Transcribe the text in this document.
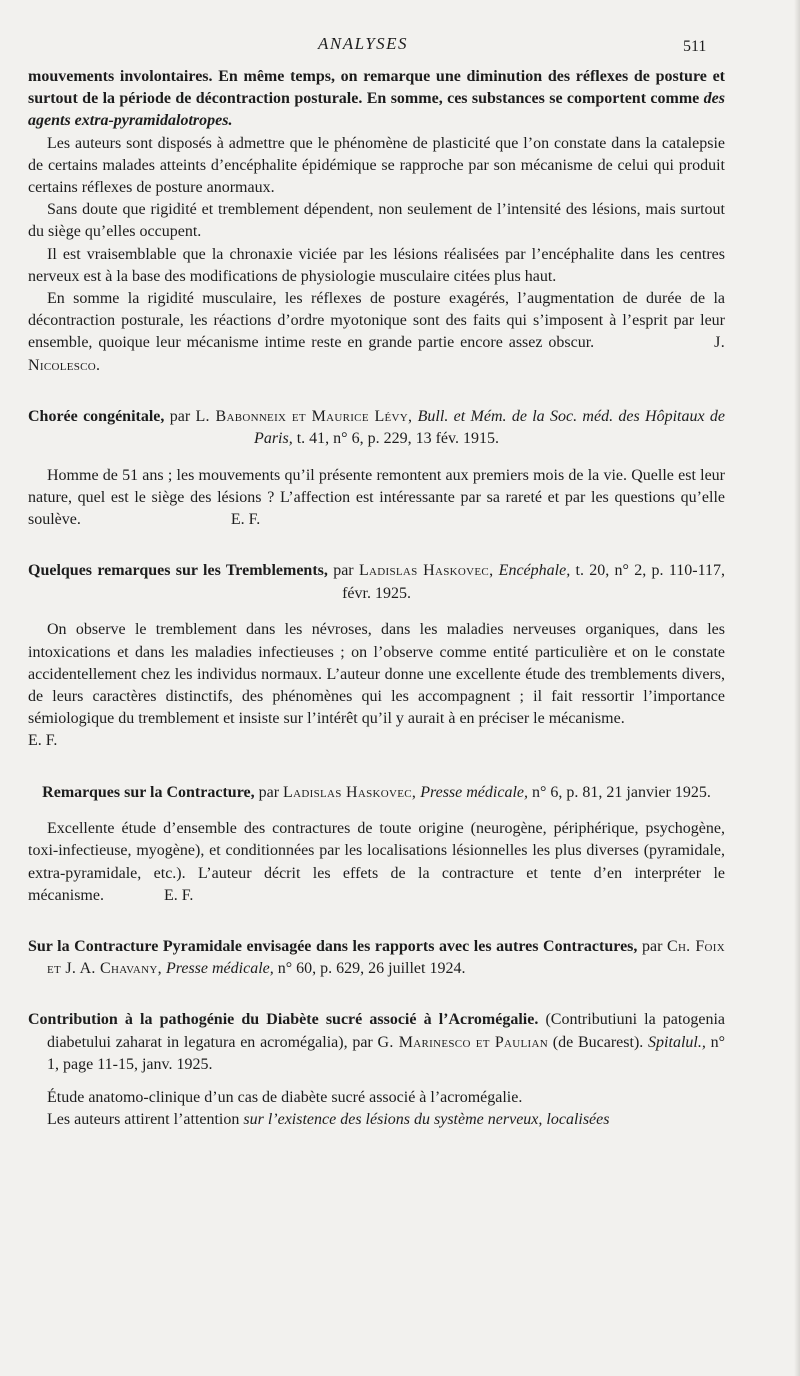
ANALYSES	511

mouvements involontaires. En même temps, on remarque une diminution des réflexes de posture et surtout de la période de décontraction posturale. En somme, ces substances se comportent comme des agents extra-pyramidalotropes.

Les auteurs sont disposés à admettre que le phénomène de plasticité que l’on constate dans la catalepsie de certains malades atteints d’encéphalite épidémique se rapproche par son mécanisme de celui qui produit certains réflexes de posture anormaux.

Sans doute que rigidité et tremblement dépendent, non seulement de l’intensité des lésions, mais surtout du siège qu’elles occupent.

Il est vraisemblable que la chronaxie viciée par les lésions réalisées par l’encéphalite dans les centres nerveux est à la base des modifications de physiologie musculaire citées plus haut.

En somme la rigidité musculaire, les réflexes de posture exagérés, l’augmentation de durée de la décontraction posturale, les réactions d’ordre myotonique sont des faits qui s’imposent à l’esprit par leur ensemble, quoique leur mécanisme intime reste en grande partie encore assez obscur.	J. Nicolesco.

Chorée congénitale, par L. Babonneix et Maurice Lévy, Bull. et Mém. de la Soc. méd. des Hôpitaux de Paris, t. 41, n° 6, p. 229, 13 fév. 1915.

Homme de 51 ans ; les mouvements qu’il présente remontent aux premiers mois de la vie. Quelle est leur nature, quel est le siège des lésions ? L’affection est intéressante par sa rareté et par les questions qu’elle soulève.	E. F.

Quelques remarques sur les Tremblements, par Ladislas Haskovec, Encéphale, t. 20, n° 2, p. 110-117, févr. 1925.

On observe le tremblement dans les névroses, dans les maladies nerveuses organiques, dans les intoxications et dans les maladies infectieuses ; on l’observe comme entité particulière et on le constate accidentellement chez les individus normaux. L’auteur donne une excellente étude des tremblements divers, de leurs caractères distinctifs, des phénomènes qui les accompagnent ; il fait ressortir l’importance sémiologique du tremblement et insiste sur l’intérêt qu’il y aurait à en préciser le mécanisme.

E. F.

Remarques sur la Contracture, par Ladislas Haskovec, Presse médicale, n° 6, p. 81, 21 janvier 1925.

Excellente étude d’ensemble des contractures de toute origine (neurogène, périphérique, psychogène, toxi-infectieuse, myogène), et conditionnées par les localisations lésionnelles les plus diverses (pyramidale, extra-pyramidale, etc.). L’auteur décrit les effets de la contracture et tente d’en interpréter le mécanisme.	E. F.

Sur la Contracture Pyramidale envisagée dans les rapports avec les autres Contractures, par Ch. Foix et J. A. Chavany, Presse médicale, n° 60, p. 629, 26 juillet 1924.

Contribution à la pathogénie du Diabète sucré associé à l’Acromégalie. (Contributiuni la patogenia diabetului zaharat in legatura en acromégalia), par G. Marinesco et Paulian (de Bucarest). Spitalul., n° 1, page 11-15, janv. 1925.

Étude anatomo-clinique d’un cas de diabète sucré associé à l’acromégalie.

Les auteurs attirent l’attention sur l’existence des lésions du système nerveux, localisées
